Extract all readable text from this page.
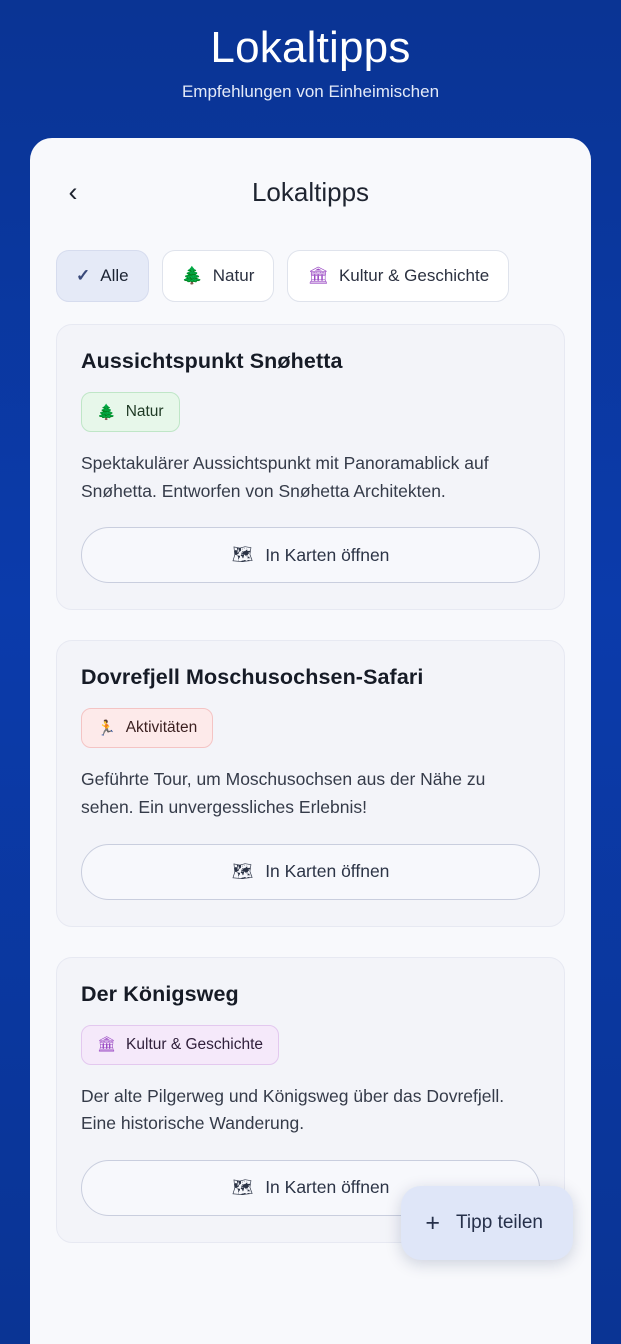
Lokaltipps
Empfehlungen von Einheimischen
‹	Lokaltipps
✓ Alle	🌲 Natur	🏛 Kultur & Geschichte
Aussichtspunkt Snøhetta
🌲 Natur

Spektakulärer Aussichtspunkt mit Panoramablick auf Snøhetta. Entworfen von Snøhetta Architekten.

🗺 In Karten öffnen
Dovrefjell Moschusochsen-Safari
🏃 Aktivitäten

Geführte Tour, um Moschusochsen aus der Nähe zu sehen. Ein unvergessliches Erlebnis!

🗺 In Karten öffnen
Der Königsweg
🏛 Kultur & Geschichte

Der alte Pilgerweg und Königsweg über das Dovrefjell. Eine historische Wanderung.

🗺 In Karten öffnen
+ Tipp teilen
